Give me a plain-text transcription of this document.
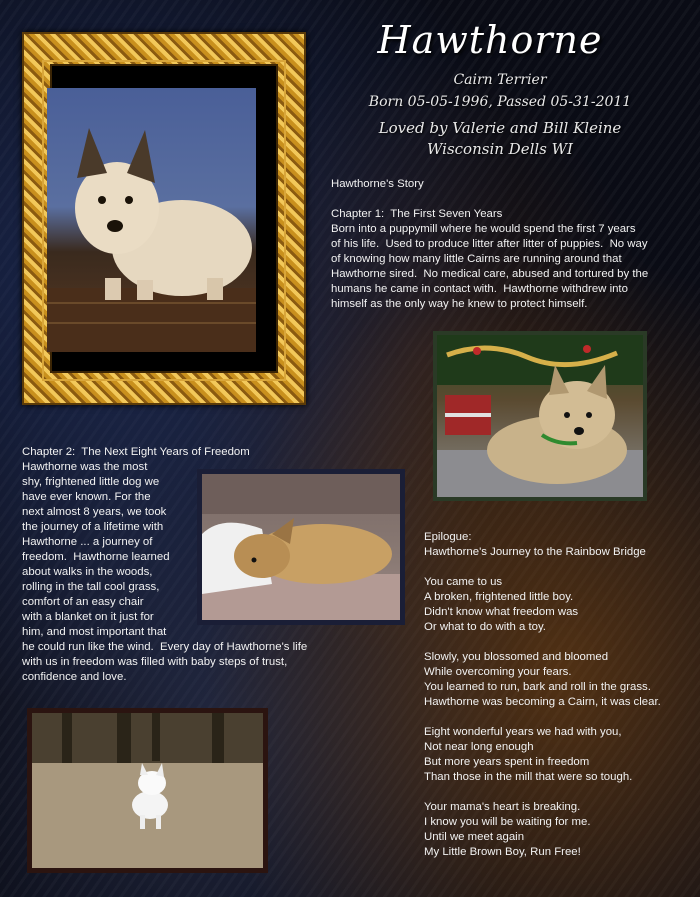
Hawthorne
Cairn Terrier
Born 05-05-1996, Passed 05-31-2011
Loved by Valerie and Bill Kleine
Wisconsin Dells WI
Hawthorne's Story

Chapter 1:  The First Seven Years
Born into a puppymill where he would spend the first 7 years
of his life.  Used to produce litter after litter of puppies.  No way
of knowing how many little Cairns are running around that
Hawthorne sired.  No medical care, abused and tortured by the
humans he came in contact with.  Hawthorne withdrew into
himself as the only way he knew to protect himself.
Chapter 2:  The Next Eight Years of Freedom
Hawthorne was the most
shy, frightened little dog we
have ever known. For the
next almost 8 years, we took
the journey of a lifetime with
Hawthorne ... a journey of
freedom.  Hawthorne learned
about walks in the woods,
rolling in the tall cool grass,
comfort of an easy chair
with a blanket on it just for
him, and most important that
he could run like the wind.  Every day of Hawthorne's life
with us in freedom was filled with baby steps of trust,
confidence and love.
Epilogue:
Hawthorne's Journey to the Rainbow Bridge

You came to us
A broken, frightened little boy.
Didn't know what freedom was
Or what to do with a toy.

Slowly, you blossomed and bloomed
While overcoming your fears.
You learned to run, bark and roll in the grass.
Hawthorne was becoming a Cairn, it was clear.

Eight wonderful years we had with you,
Not near long enough
But more years spent in freedom
Than those in the mill that were so tough.

Your mama's heart is breaking.
I know you will be waiting for me.
Until we meet again
My Little Brown Boy, Run Free!
